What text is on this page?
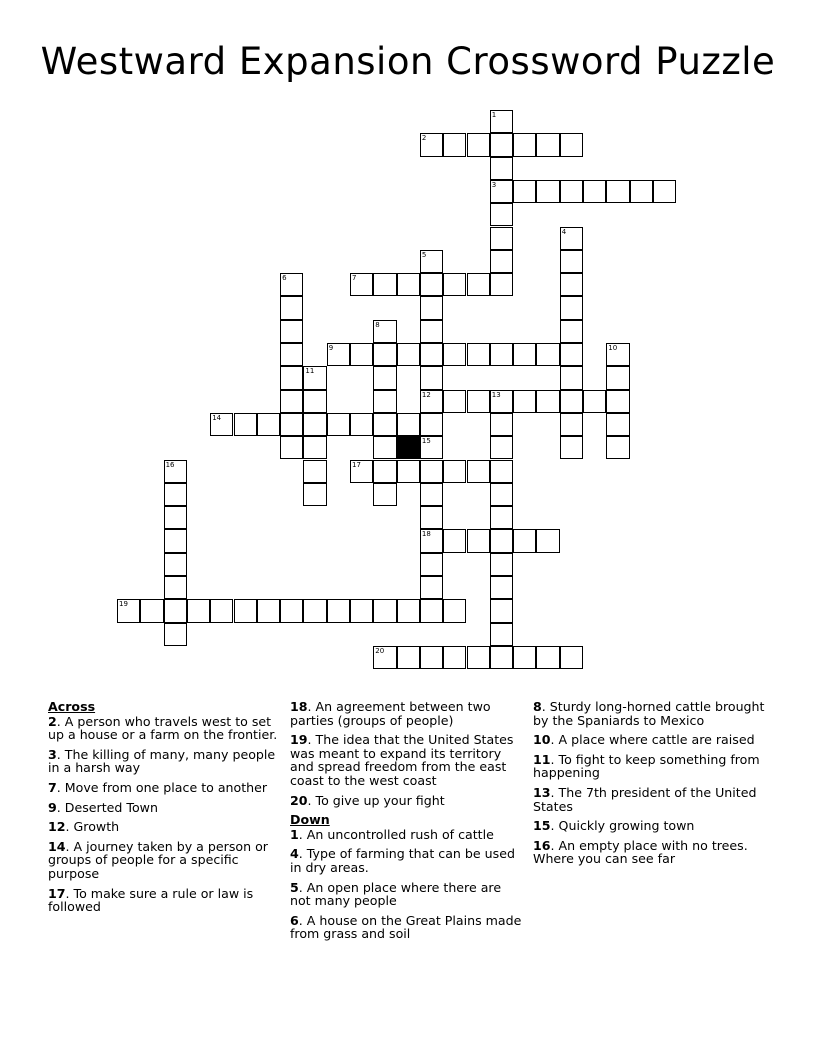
Westward Expansion Crossword Puzzle
1
2
3
4
5
6	7
8
9	10
11
12	13
14
15
16	17
18
19
20
Across
2. A person who travels west to set up a house or a farm on the frontier.
3. The killing of many, many people in a harsh way
7. Move from one place to another
9. Deserted Town
12. Growth
14. A journey taken by a person or groups of people for a specific purpose
17. To make sure a rule or law is followed
18. An agreement between two parties (groups of people)
19. The idea that the United States was meant to expand its territory and spread freedom from the east coast to the west coast
20. To give up your fight
Down
1. An uncontrolled rush of cattle
4. Type of farming that can be used in dry areas.
5. An open place where there are not many people
6. A house on the Great Plains made from grass and soil
8. Sturdy long-horned cattle brought by the Spaniards to Mexico
10. A place where cattle are raised
11. To fight to keep something from happening
13. The 7th president of the United States
15. Quickly growing town
16. An empty place with no trees. Where you can see far
